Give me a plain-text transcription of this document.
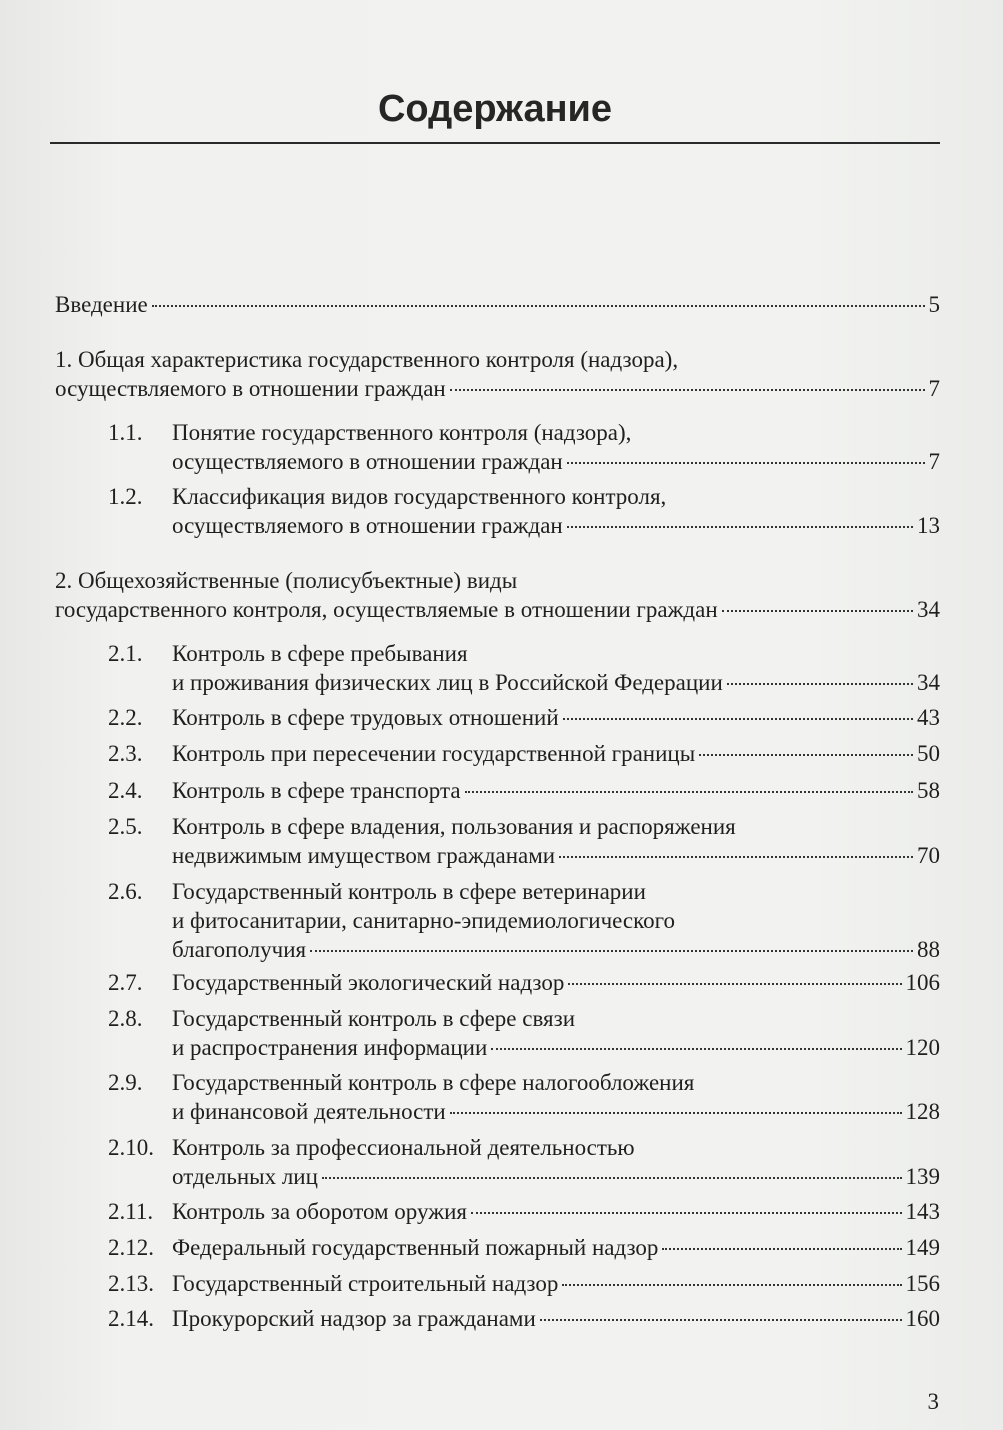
Содержание
Введение	5
1. Общая характеристика государственного контроля (надзора),
осуществляемого в отношении граждан	7
1.1. Понятие государственного контроля (надзора),
осуществляемого в отношении граждан	7
1.2. Классификация видов государственного контроля,
осуществляемого в отношении граждан	13
2. Общехозяйственные (полисубъектные) виды
государственного контроля, осуществляемые в отношении граждан	34
2.1. Контроль в сфере пребывания
и проживания физических лиц в Российской Федерации	34
2.2. Контроль в сфере трудовых отношений	43
2.3. Контроль при пересечении государственной границы	50
2.4. Контроль в сфере транспорта	58
2.5. Контроль в сфере владения, пользования и распоряжения
недвижимым имуществом гражданами	70
2.6. Государственный контроль в сфере ветеринарии
и фитосанитарии, санитарно-эпидемиологического
благополучия	88
2.7. Государственный экологический надзор	106
2.8. Государственный контроль в сфере связи
и распространения информации	120
2.9. Государственный контроль в сфере налогообложения
и финансовой деятельности	128
2.10. Контроль за профессиональной деятельностью
отдельных лиц	139
2.11. Контроль за оборотом оружия	143
2.12. Федеральный государственный пожарный надзор	149
2.13. Государственный строительный надзор	156
2.14. Прокурорский надзор за гражданами	160
3
